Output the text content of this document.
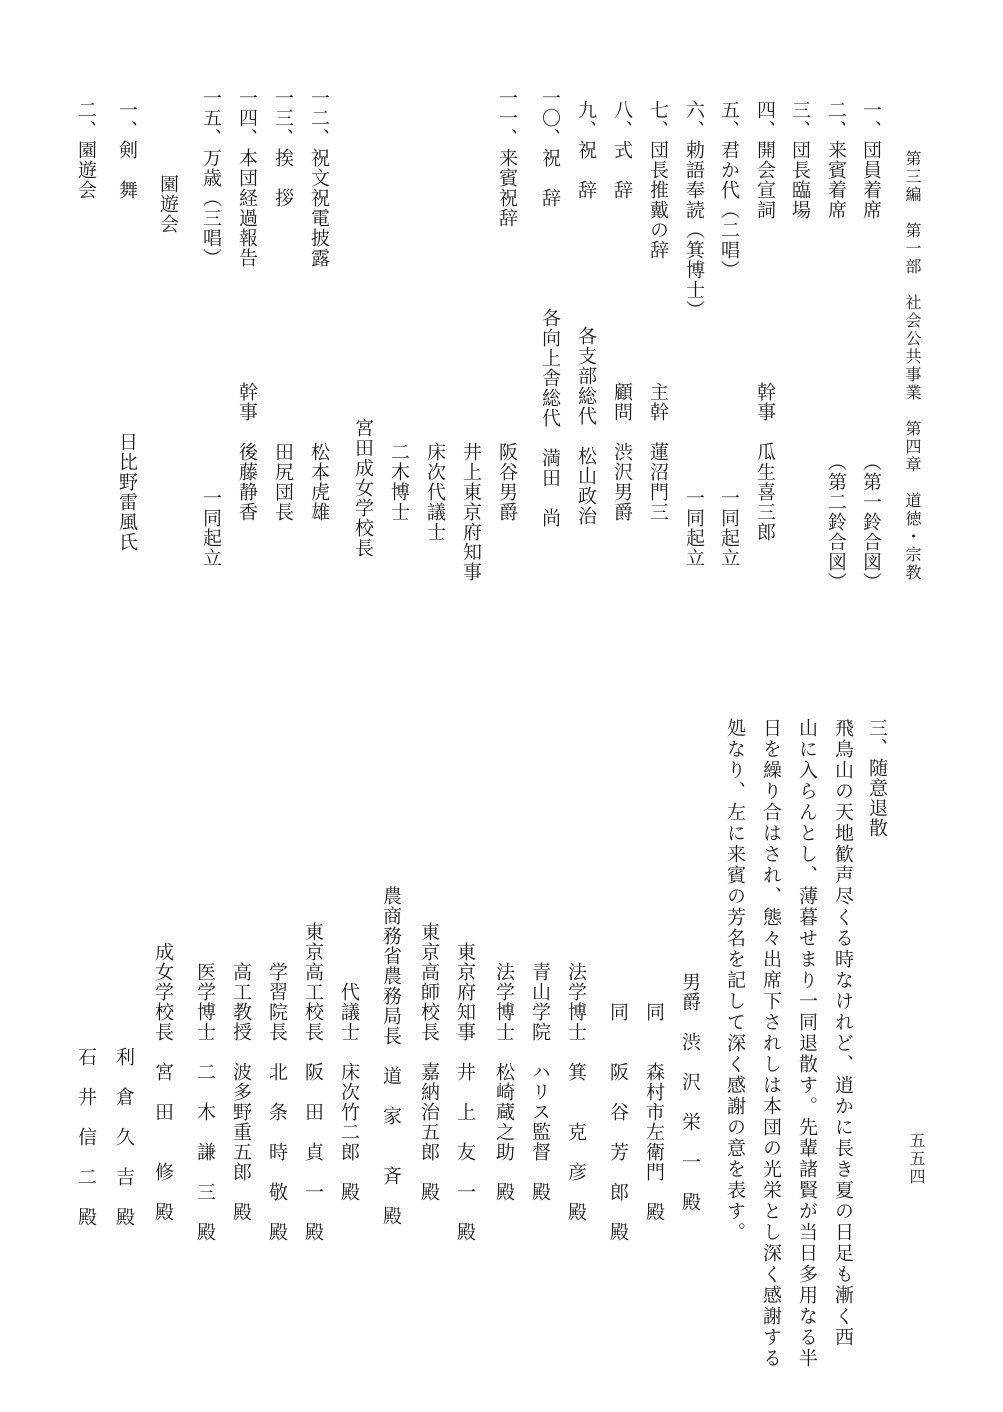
第三編　第一部　社会公共事業　第四章　道徳・宗教
五五四
一、団員着席
（第一鈴合図）
二、来賓着席
（第二鈴合図）
三、団長臨場
四、開会宣詞
幹事　瓜生喜三郎
五、君か代（二唱）
一同起立
六、勅語奉読（箕博士）
一同起立
七、団長推戴の辞
主幹　蓮沼門三
八、式　辞
顧問　渋沢男爵
九、祝　辞
各支部総代　松山政治
一〇、祝　辞
各向上舎総代　満田　尚
一一、来賓祝辞
阪谷男爵
井上東京府知事
床次代議士
二木博士
宮田成女学校長
一二、祝文祝電披露
松本虎雄
一三、挨　拶
田尻団長
一四、本団経過報告
幹事　後藤静香
一五、万歳（三唱）
一同起立
園遊会
一、剣　舞
日比野雷風氏
二、園遊会
三、随意退散
飛鳥山の天地歓声尽くる時なけれど、逍かに長き夏の日足も漸く西
山に入らんとし、薄暮せまり一同退散す。先輩諸賢が当日多用なる半
日を繰り合はされ、態々出席下されしは本団の光栄とし深く感謝する
処なり、左に来賓の芳名を記して深く感謝の意を表す。
男爵　渋　沢　栄　一　殿
同　　森村市左衛門　殿
同　　阪　谷　芳　郎　殿
法学博士　箕　　克　彦　殿
青山学院　ハリス監督　殿
法学博士　松崎蔵之助　殿
東京府知事　井　上　友　一　殿
東京高師校長　嘉納治五郎　殿
農商務省農務局長　道　家　　斉　殿
代議士　床次竹二郎　殿
東京高工校長　阪　田　貞　一　殿
学習院長　北　条　時　敬　殿
高工教授　波多野重五郎　殿
医学博士　二　木　謙　三　殿
成女学校長　宮　田　　修　殿
利　倉　久　吉　殿
石　井　信　二　殿
